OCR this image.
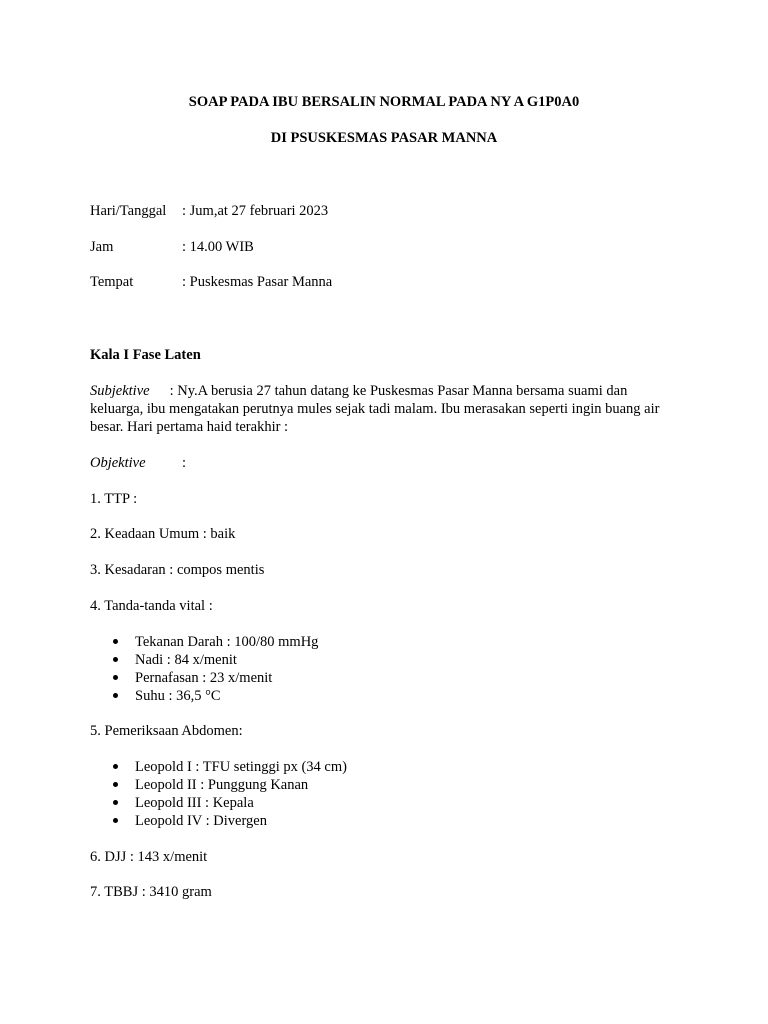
SOAP PADA IBU BERSALIN NORMAL PADA NY A G1P0A0
DI PSUSKESMAS PASAR MANNA
Hari/Tanggal : Jum,at 27 februari 2023
Jam	: 14.00 WIB
Tempat	: Puskesmas Pasar Manna
Kala I Fase Laten
Subjektive : Ny.A berusia 27 tahun datang ke Puskesmas Pasar Manna bersama suami dan keluarga, ibu mengatakan perutnya mules sejak tadi malam. Ibu merasakan seperti ingin buang air besar. Hari pertama haid terakhir :
Objektive	:
1. TTP :
2. Keadaan Umum : baik
3. Kesadaran : compos mentis
4. Tanda-tanda vital :
Tekanan Darah : 100/80 mmHg
Nadi : 84 x/menit
Pernafasan : 23 x/menit
Suhu : 36,5 °C
5. Pemeriksaan Abdomen:
Leopold I : TFU setinggi px (34 cm)
Leopold II : Punggung Kanan
Leopold III : Kepala
Leopold IV : Divergen
6. DJJ : 143 x/menit
7. TBBJ : 3410 gram
